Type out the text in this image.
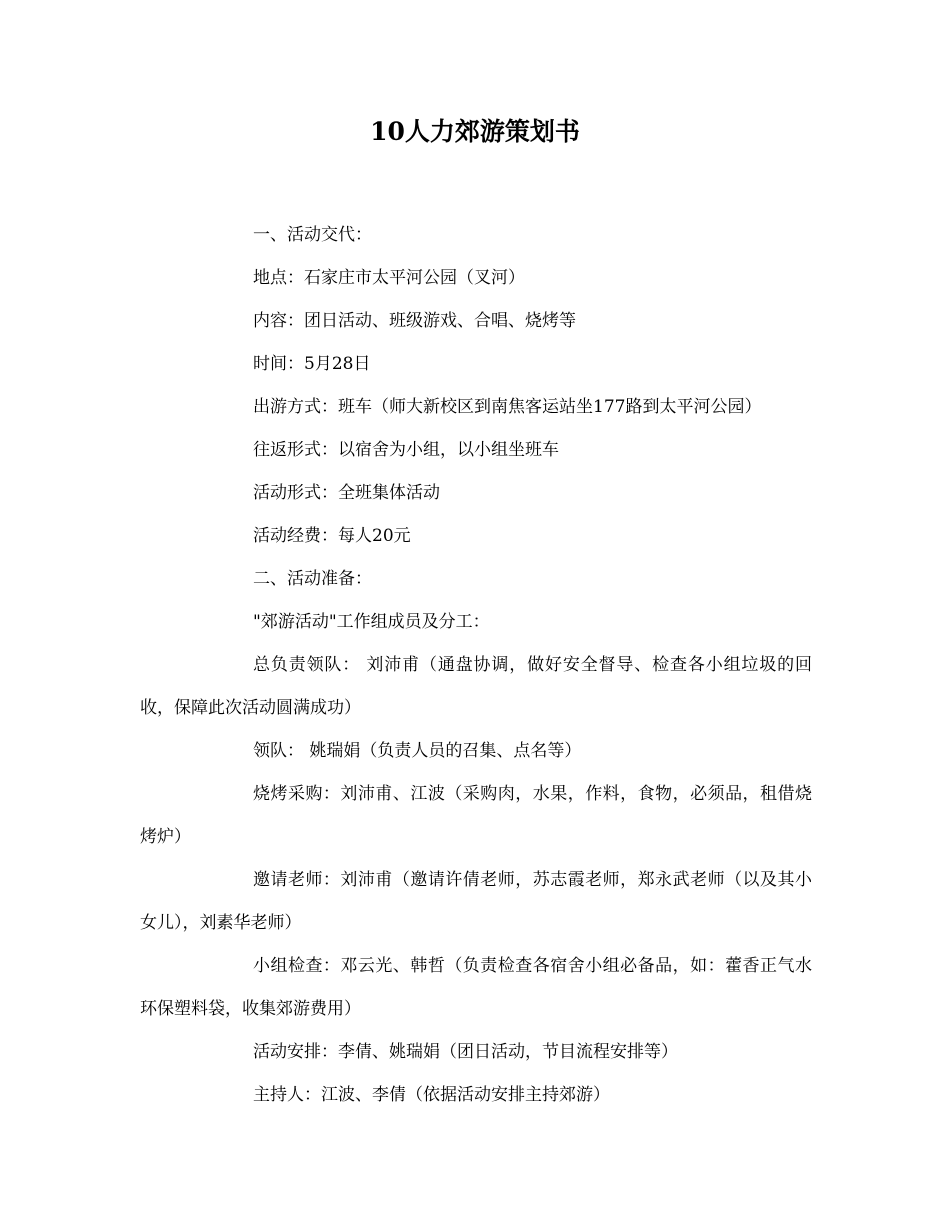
10人力郊游策划书

一、活动交代：

地点：石家庄市太平河公园（叉河）

内容：团日活动、班级游戏、合唱、烧烤等

时间：5月28日

出游方式：班车（师大新校区到南焦客运站坐177路到太平河公园）

往返形式：以宿舍为小组，以小组坐班车

活动形式：全班集体活动

活动经费：每人20元

二、活动准备：

"郊游活动"工作组成员及分工：

总负责领队： 刘沛甫（通盘协调，做好安全督导、检查各小组垃圾的回收，保障此次活动圆满成功）

领队： 姚瑞娟（负责人员的召集、点名等）

烧烤采购：刘沛甫、江波（采购肉，水果，作料，食物，必须品，租借烧烤炉）

邀请老师：刘沛甫（邀请许倩老师，苏志霞老师，郑永武老师（以及其小女儿），刘素华老师）

小组检查：邓云光、韩哲（负责检查各宿舍小组必备品，如：藿香正气水环保塑料袋，收集郊游费用）

活动安排：李倩、姚瑞娟（团日活动，节目流程安排等）

主持人：江波、李倩（依据活动安排主持郊游）
